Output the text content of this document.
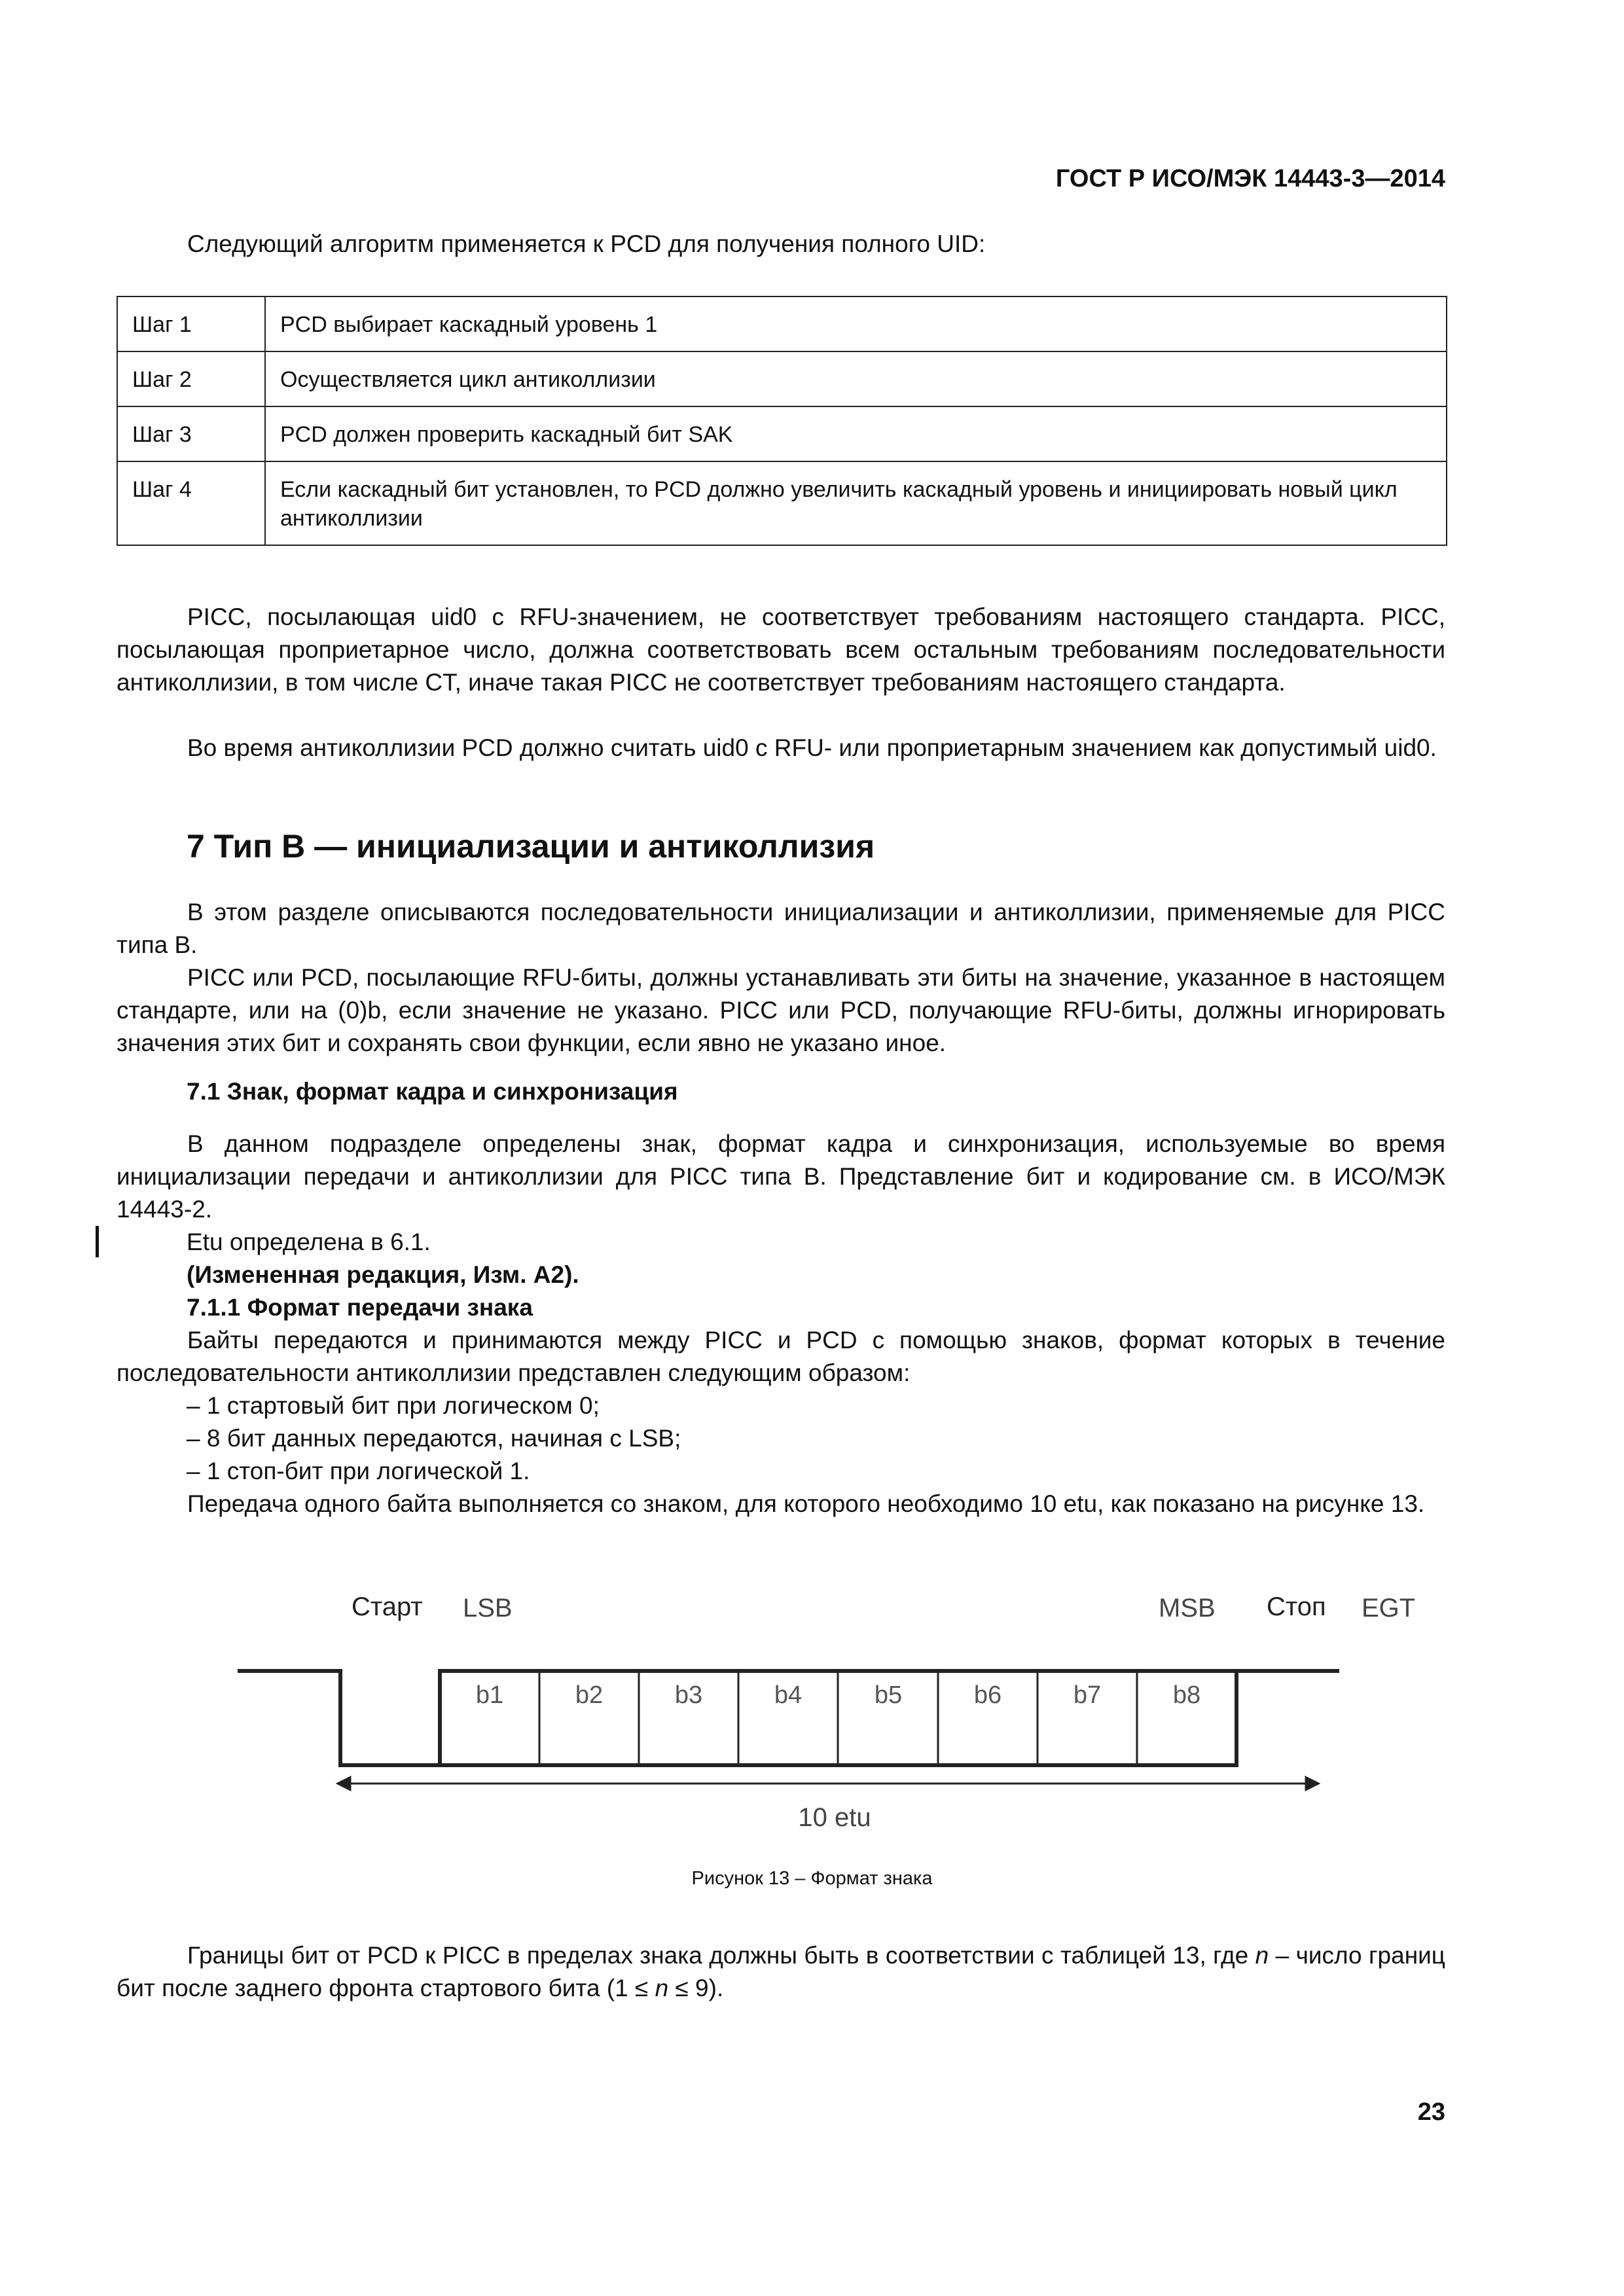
ГОСТ Р ИСО/МЭК 14443-3—2014
Следующий алгоритм применяется к PCD для получения полного UID:
Шаг 1	PCD выбирает каскадный уровень 1
Шаг 2	Осуществляется цикл антиколлизии
Шаг 3	PCD должен проверить каскадный бит SAK
Шаг 4	Если каскадный бит установлен, то PCD должно увеличить каскадный уровень и инициировать новый цикл антиколлизии
PICC, посылающая uid0 с RFU-значением, не соответствует требованиям настоящего стандарта. PICC, посылающая проприетарное число, должна соответствовать всем остальным требованиям последовательности антиколлизии, в том числе CT, иначе такая PICC не соответствует требованиям настоящего стандарта.
Во время антиколлизии PCD должно считать uid0 с RFU- или проприетарным значением как допустимый uid0.
7 Тип В — инициализации и антиколлизия
В этом разделе описываются последовательности инициализации и антиколлизии, применяемые для PICC типа В.
PICC или PCD, посылающие RFU-биты, должны устанавливать эти биты на значение, указанное в настоящем стандарте, или на (0)b, если значение не указано. PICC или PCD, получающие RFU-биты, должны игнорировать значения этих бит и сохранять свои функции, если явно не указано иное.
7.1 Знак, формат кадра и синхронизация
В данном подразделе определены знак, формат кадра и синхронизация, используемые во время инициализации передачи и антиколлизии для PICC типа В. Представление бит и кодирование см. в ИСО/МЭК 14443-2.
Etu определена в 6.1.
(Измененная редакция, Изм. А2).
7.1.1 Формат передачи знака
Байты передаются и принимаются между PICC и PCD с помощью знаков, формат которых в течение последовательности антиколлизии представлен следующим образом:
– 1 стартовый бит при логическом 0;
– 8 бит данных передаются, начиная с LSB;
– 1 стоп-бит при логической 1.
Передача одного байта выполняется со знаком, для которого необходимо 10 etu, как показано на рисунке 13.
Старт LSB	MSB Стоп EGT
b1	b2	b3	b4	b5	b6	b7	b8
10 etu
Рисунок 13 – Формат знака
Границы бит от PCD к PICC в пределах знака должны быть в соответствии с таблицей 13, где n – число границ бит после заднего фронта стартового бита (1 ≤ n ≤ 9).
23
